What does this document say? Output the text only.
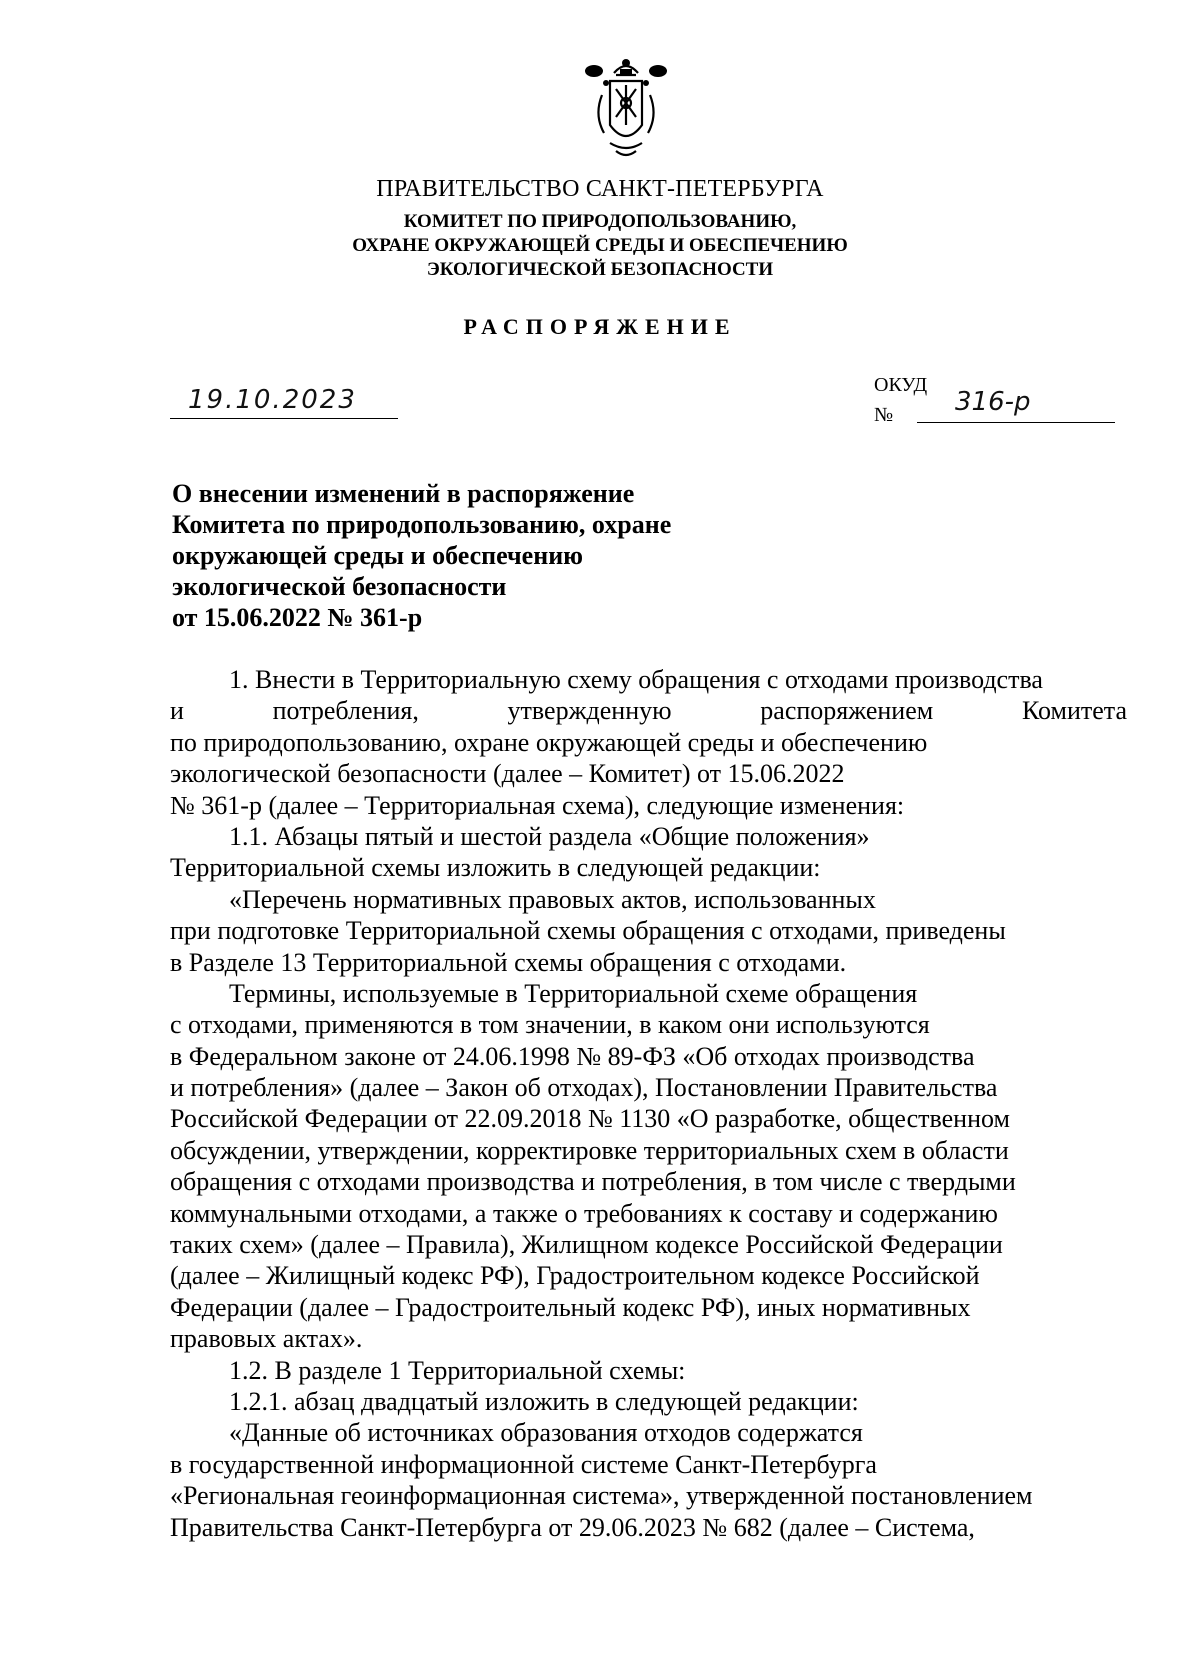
ПРАВИТЕЛЬСТВО САНКТ-ПЕТЕРБУРГА
КОМИТЕТ ПО ПРИРОДОПОЛЬЗОВАНИЮ,
ОХРАНЕ ОКРУЖАЮЩЕЙ СРЕДЫ И ОБЕСПЕЧЕНИЮ
ЭКОЛОГИЧЕСКОЙ БЕЗОПАСНОСТИ
РАСПОРЯЖЕНИЕ
19.10.2023	ОКУД
№ 316-р
О внесении изменений в распоряжение
Комитета по природопользованию, охране
окружающей среды и обеспечению
экологической безопасности
от 15.06.2022 № 361-р
1. Внести в Территориальную схему обращения с отходами производства
и	потребления,	утвержденную	распоряжением	Комитета
по природопользованию, охране окружающей среды и обеспечению
экологической безопасности (далее – Комитет) от 15.06.2022
№ 361-р (далее – Территориальная схема), следующие изменения:
1.1. Абзацы пятый и шестой раздела «Общие положения»
Территориальной схемы изложить в следующей редакции:
«Перечень нормативных правовых актов, использованных
при подготовке Территориальной схемы обращения с отходами, приведены
в Разделе 13 Территориальной схемы обращения с отходами.
Термины, используемые в Территориальной схеме обращения
с отходами, применяются в том значении, в каком они используются
в Федеральном законе от 24.06.1998 № 89-ФЗ «Об отходах производства
и потребления» (далее – Закон об отходах), Постановлении Правительства
Российской Федерации от 22.09.2018 № 1130 «О разработке, общественном
обсуждении, утверждении, корректировке территориальных схем в области
обращения с отходами производства и потребления, в том числе с твердыми
коммунальными отходами, а также о требованиях к составу и содержанию
таких схем» (далее – Правила), Жилищном кодексе Российской Федерации
(далее – Жилищный кодекс РФ), Градостроительном кодексе Российской
Федерации (далее – Градостроительный кодекс РФ), иных нормативных
правовых актах».
1.2. В разделе 1 Территориальной схемы:
1.2.1. абзац двадцатый изложить в следующей редакции:
«Данные об источниках образования отходов содержатся
в государственной информационной системе Санкт-Петербурга
«Региональная геоинформационная система», утвержденной постановлением
Правительства Санкт-Петербурга от 29.06.2023 № 682 (далее – Система,
